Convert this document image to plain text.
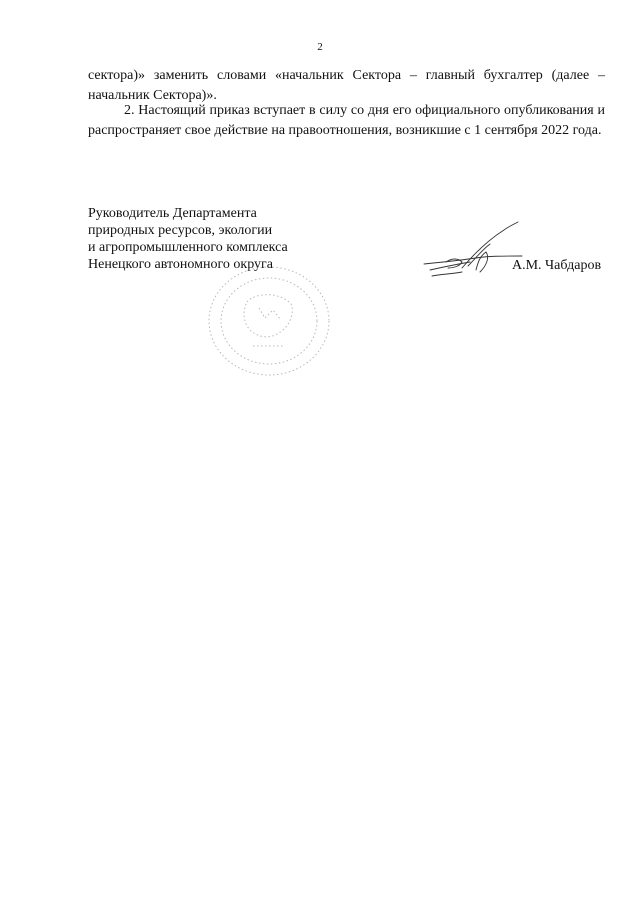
2
сектора)» заменить словами «начальник Сектора – главный бухгалтер (далее – начальник Сектора)».
2. Настоящий приказ вступает в силу со дня его официального опубликования и распространяет свое действие на правоотношения, возникшие с 1 сентября 2022 года.
Руководитель Департамента
природных ресурсов, экологии
и агропромышленного комплекса
Ненецкого автономного округа	А.М. Чабдаров
